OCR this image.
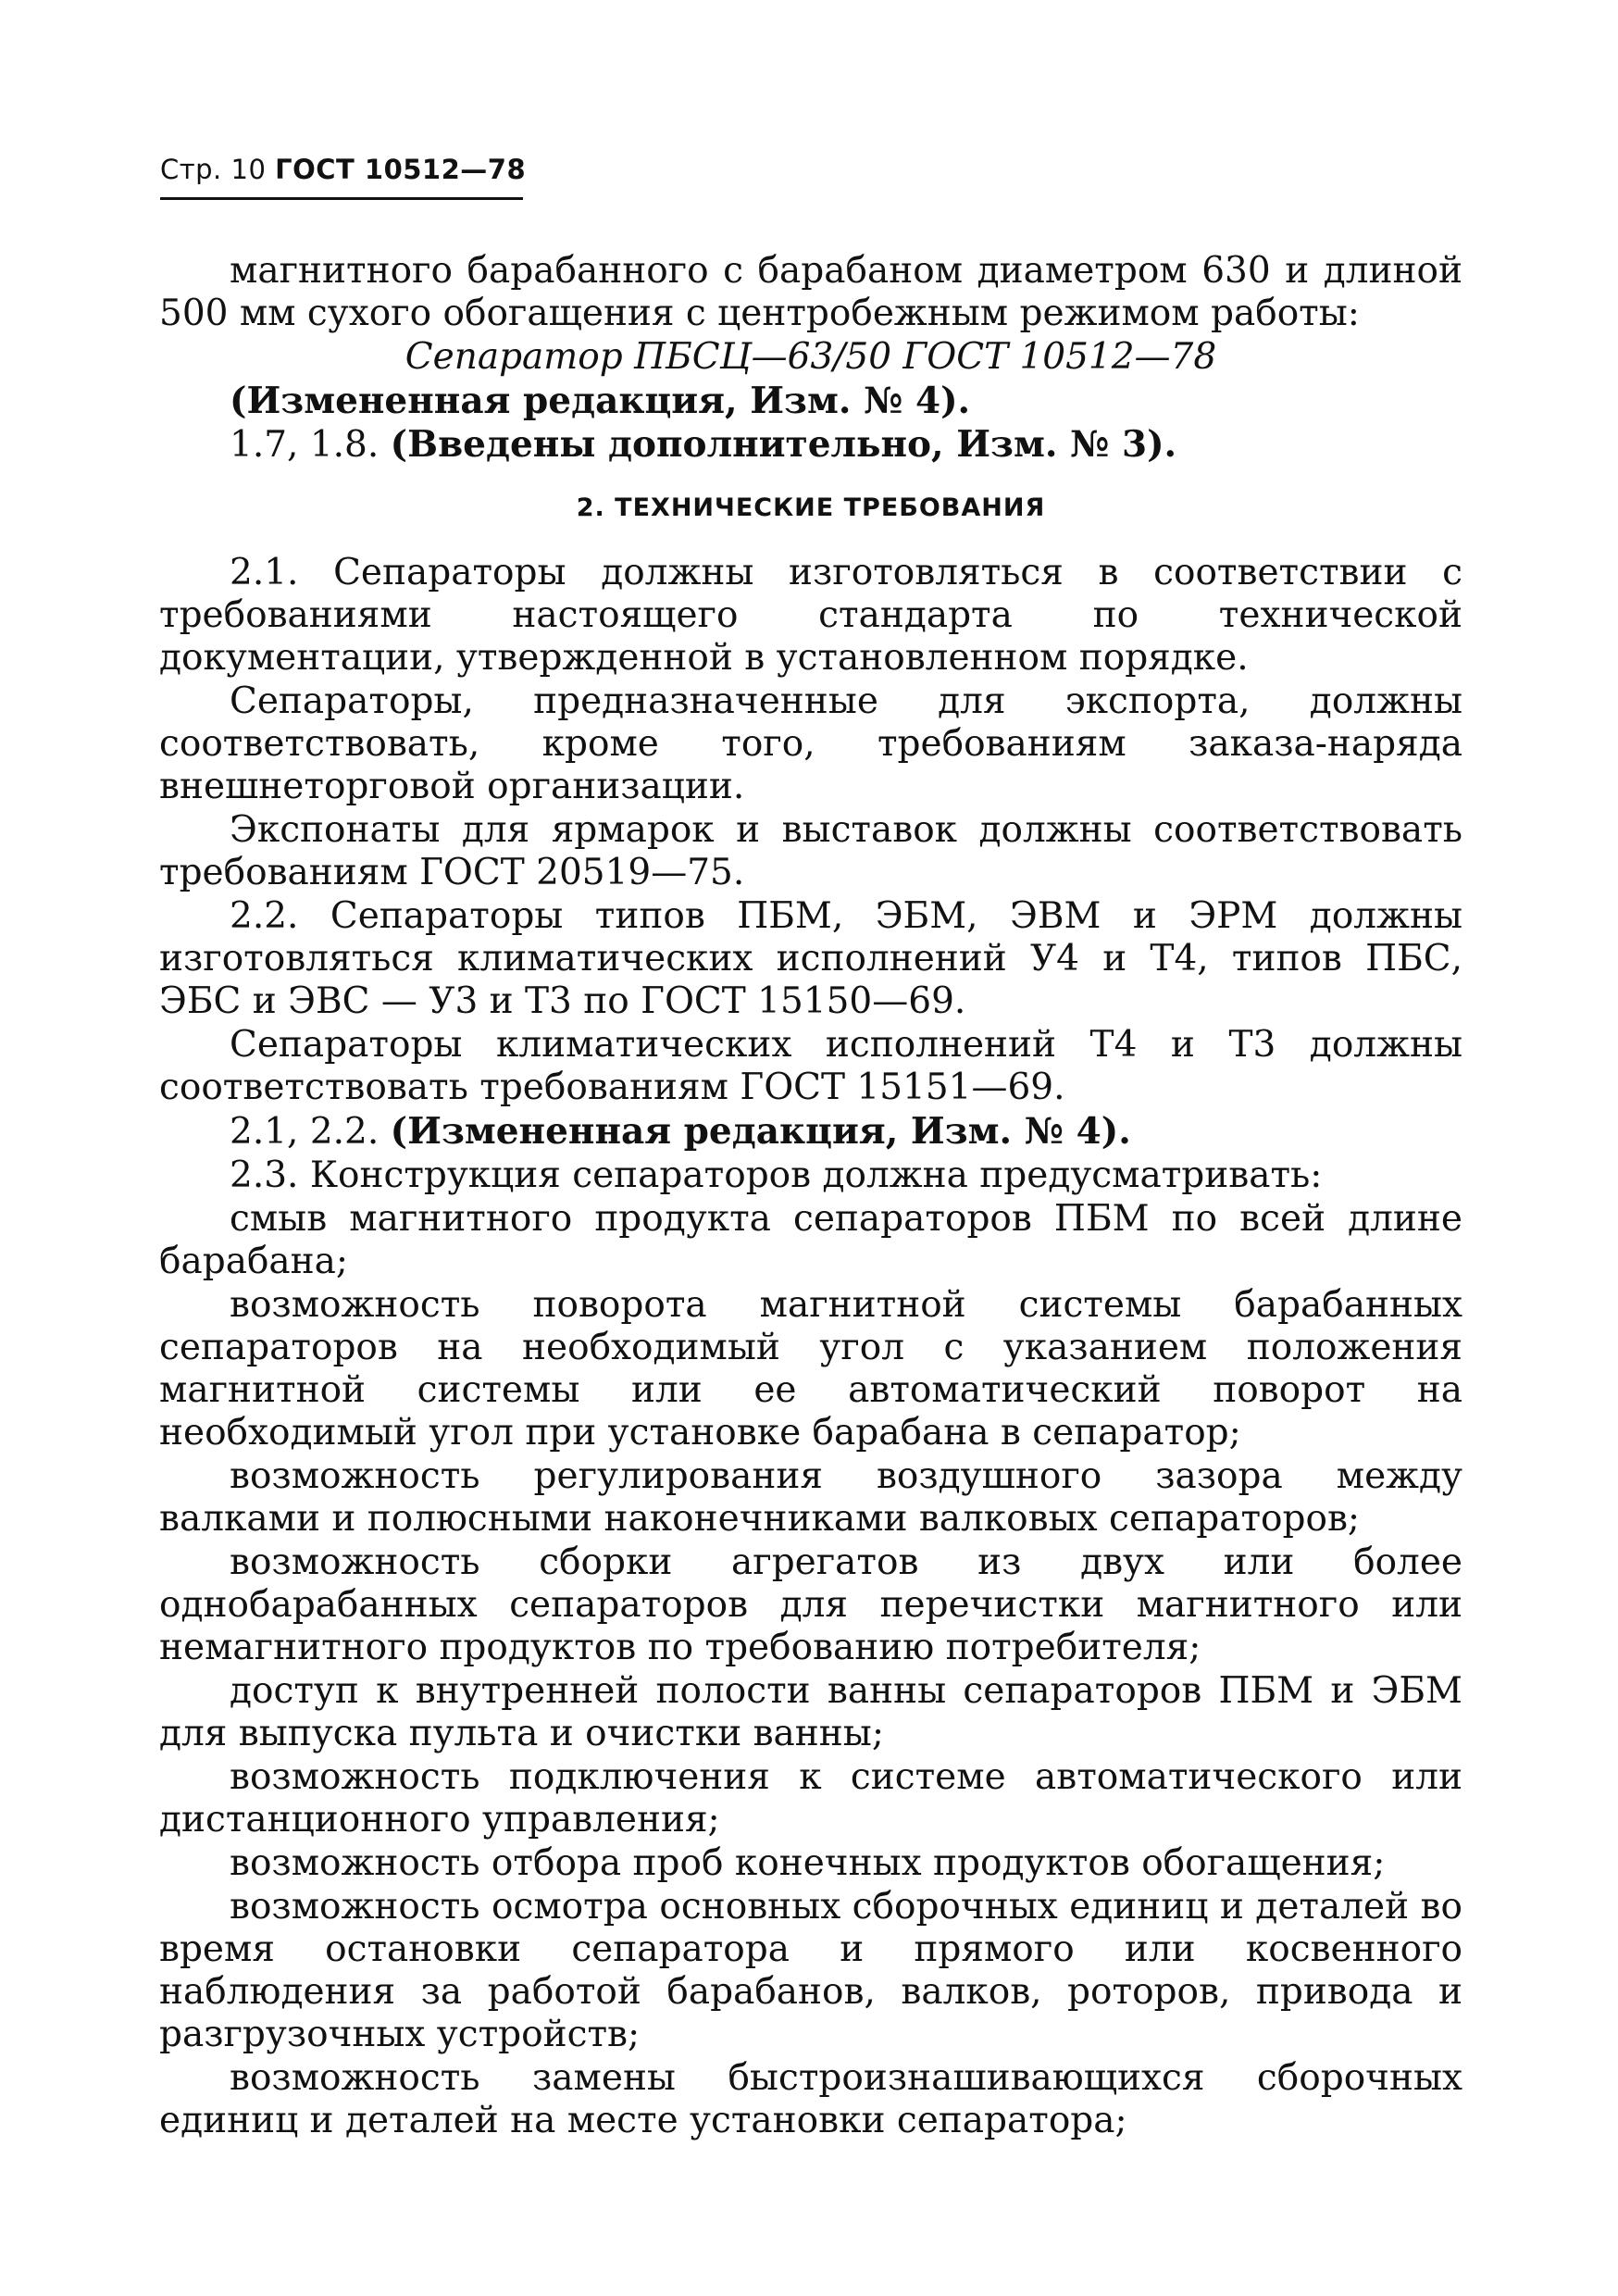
Стр. 10 ГОСТ 10512—78

магнитного барабанного с барабаном диаметром 630 и длиной 500 мм сухого обогащения с центробежным режимом работы:

Сепаратор ПБСЦ—63/50 ГОСТ 10512—78

(Измененная редакция, Изм. № 4).

1.7, 1.8. (Введены дополнительно, Изм. № 3).

2. ТЕХНИЧЕСКИЕ ТРЕБОВАНИЯ

2.1. Сепараторы должны изготовляться в соответствии с требованиями настоящего стандарта по технической документации, утвержденной в установленном порядке.

Сепараторы, предназначенные для экспорта, должны соответствовать, кроме того, требованиям заказа-наряда внешнеторговой организации.

Экспонаты для ярмарок и выставок должны соответствовать требованиям ГОСТ 20519—75.

2.2. Сепараторы типов ПБМ, ЭБМ, ЭВМ и ЭРМ должны изготовляться климатических исполнений У4 и Т4, типов ПБС, ЭБС и ЭВС — У3 и Т3 по ГОСТ 15150—69.

Сепараторы климатических исполнений Т4 и Т3 должны соответствовать требованиям ГОСТ 15151—69.

2.1, 2.2. (Измененная редакция, Изм. № 4).

2.3. Конструкция сепараторов должна предусматривать:

смыв магнитного продукта сепараторов ПБМ по всей длине барабана;

возможность поворота магнитной системы барабанных сепараторов на необходимый угол с указанием положения магнитной системы или ее автоматический поворот на необходимый угол при установке барабана в сепаратор;

возможность регулирования воздушного зазора между валками и полюсными наконечниками валковых сепараторов;

возможность сборки агрегатов из двух или более однобарабанных сепараторов для перечистки магнитного или немагнитного продуктов по требованию потребителя;

доступ к внутренней полости ванны сепараторов ПБМ и ЭБМ для выпуска пульта и очистки ванны;

возможность подключения к системе автоматического или дистанционного управления;

возможность отбора проб конечных продуктов обогащения;

возможность осмотра основных сборочных единиц и деталей во время остановки сепаратора и прямого или косвенного наблюдения за работой барабанов, валков, роторов, привода и разгрузочных устройств;

возможность замены быстроизнашивающихся сборочных единиц и деталей на месте установки сепаратора;
